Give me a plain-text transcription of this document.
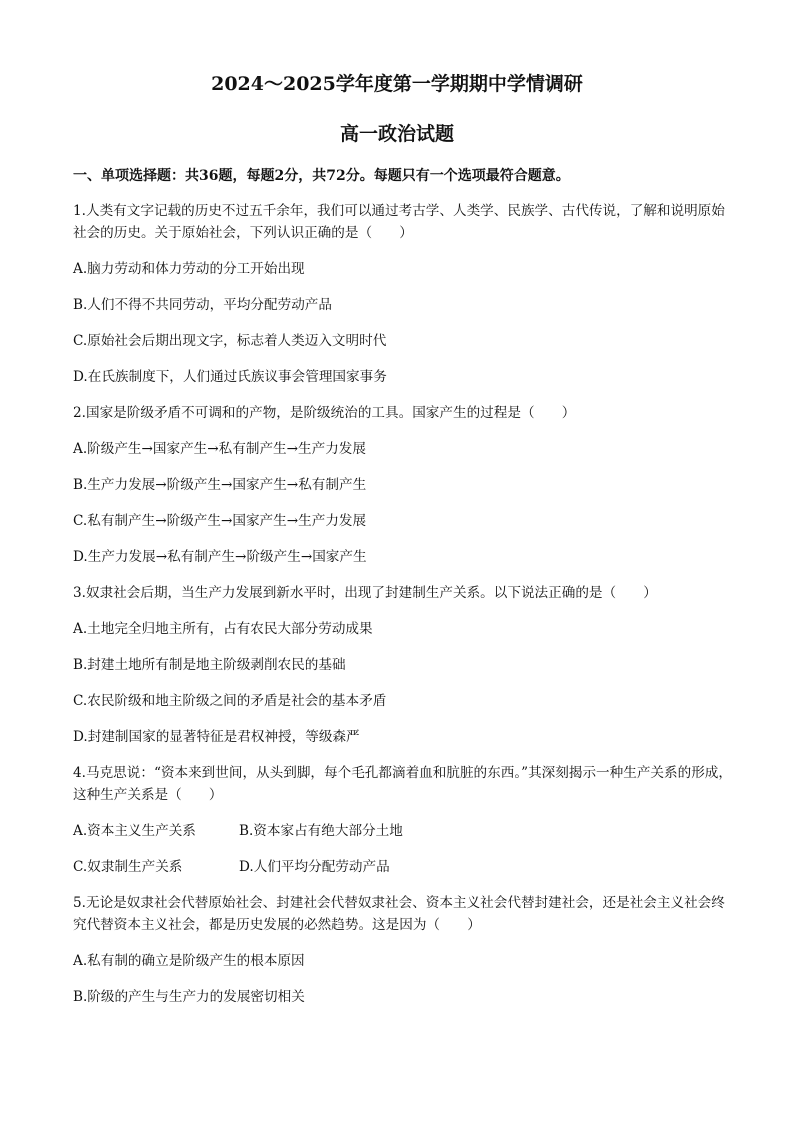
2024～2025学年度第一学期期中学情调研
高一政治试题
一、单项选择题：共36题，每题2分，共72分。每题只有一个选项最符合题意。

1.人类有文字记载的历史不过五千余年，我们可以通过考古学、人类学、民族学、古代传说，了解和说明原始社会的历史。关于原始社会，下列认识正确的是（　　）

A.脑力劳动和体力劳动的分工开始出现

B.人们不得不共同劳动，平均分配劳动产品

C.原始社会后期出现文字，标志着人类迈入文明时代

D.在氏族制度下，人们通过氏族议事会管理国家事务

2.国家是阶级矛盾不可调和的产物，是阶级统治的工具。国家产生的过程是（　　）

A.阶级产生→国家产生→私有制产生→生产力发展

B.生产力发展→阶级产生→国家产生→私有制产生

C.私有制产生→阶级产生→国家产生→生产力发展

D.生产力发展→私有制产生→阶级产生→国家产生

3.奴隶社会后期，当生产力发展到新水平时，出现了封建制生产关系。以下说法正确的是（　　）

A.土地完全归地主所有，占有农民大部分劳动成果

B.封建土地所有制是地主阶级剥削农民的基础

C.农民阶级和地主阶级之间的矛盾是社会的基本矛盾

D.封建制国家的显著特征是君权神授，等级森严

4.马克思说：“资本来到世间，从头到脚，每个毛孔都滴着血和肮脏的东西。”其深刻揭示一种生产关系的形成，这种生产关系是（　　）

A.资本主义生产关系	B.资本家占有绝大部分土地
C.奴隶制生产关系	D.人们平均分配劳动产品

5.无论是奴隶社会代替原始社会、封建社会代替奴隶社会、资本主义社会代替封建社会，还是社会主义社会终究代替资本主义社会，都是历史发展的必然趋势。这是因为（　　）

A.私有制的确立是阶级产生的根本原因

B.阶级的产生与生产力的发展密切相关
